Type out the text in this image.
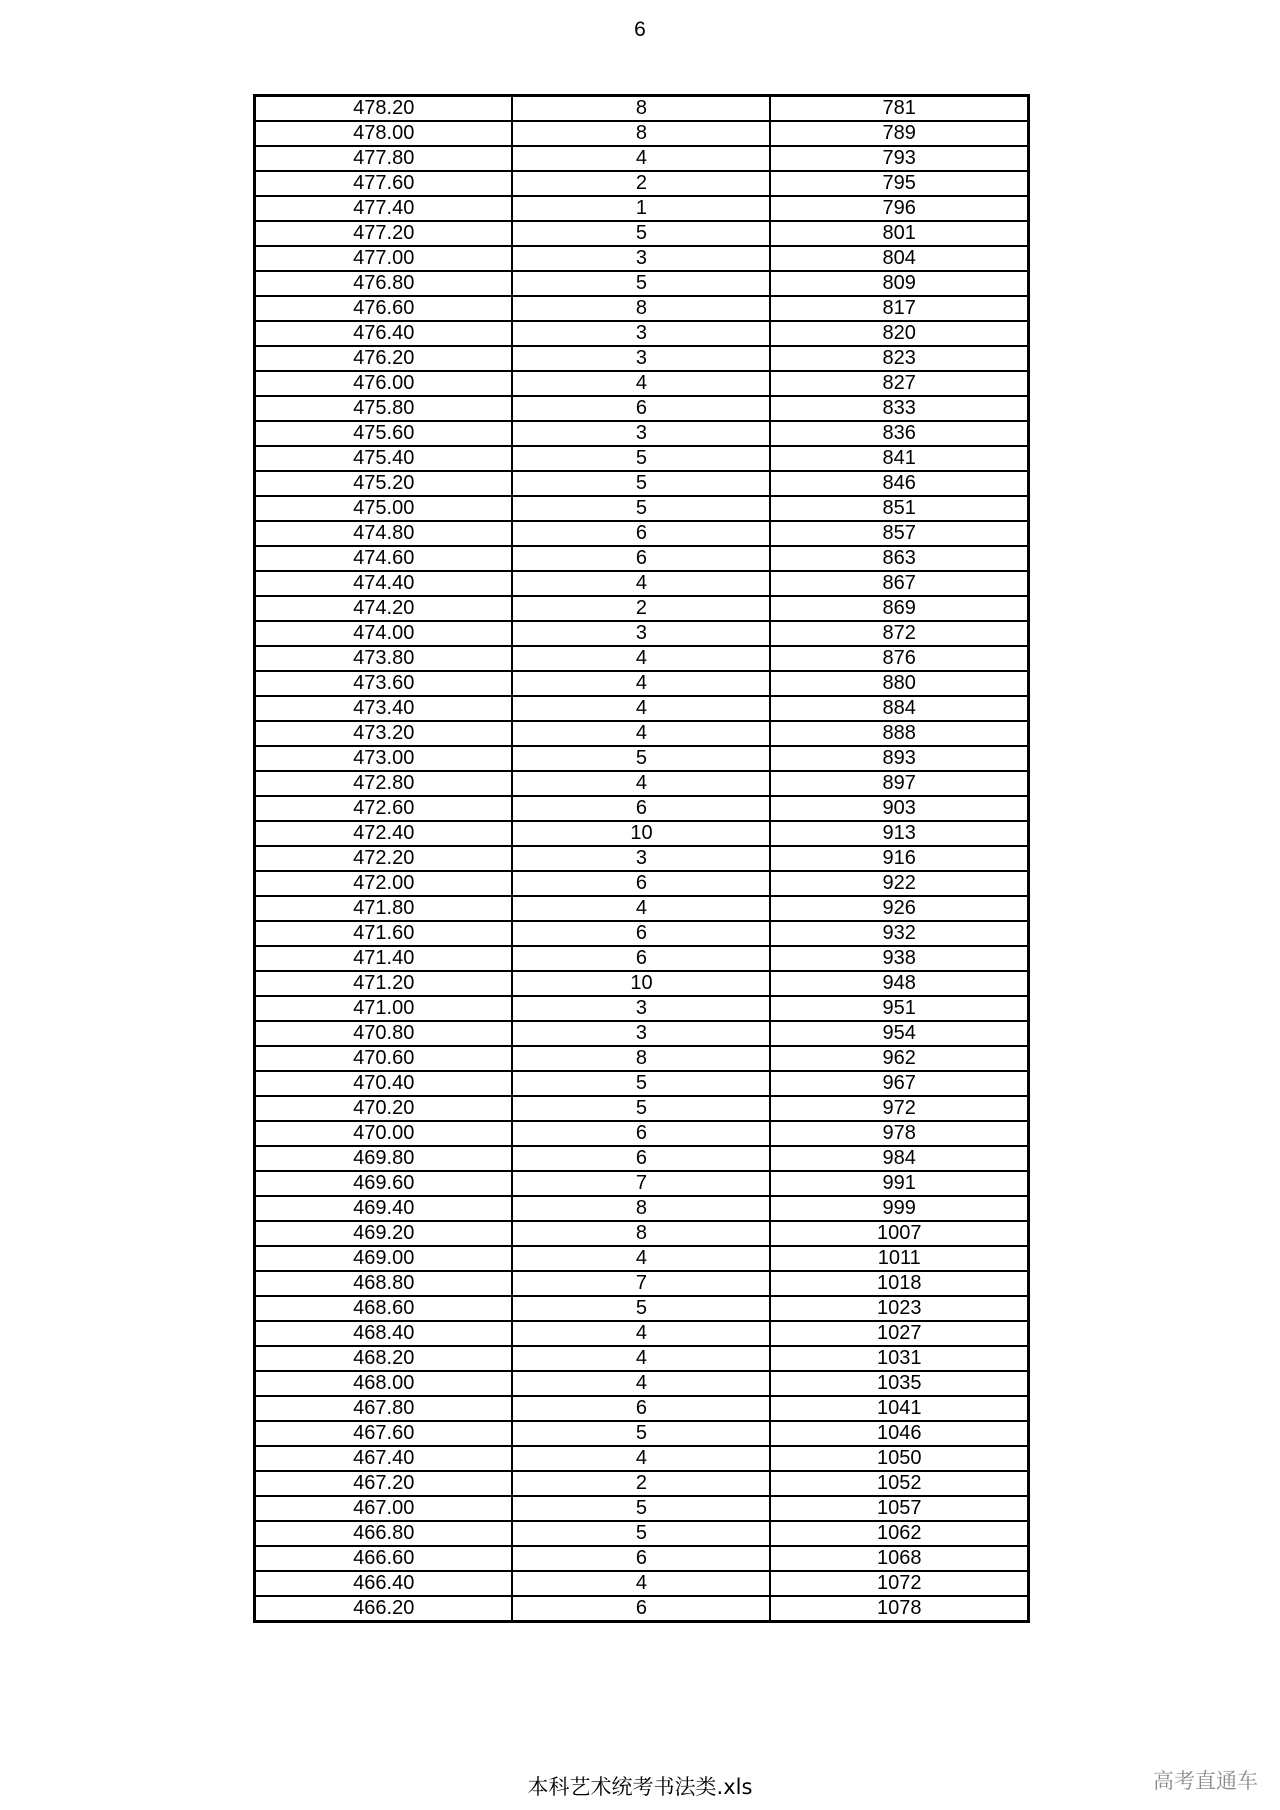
6
478.20	8	781
478.00	8	789
477.80	4	793
477.60	2	795
477.40	1	796
477.20	5	801
477.00	3	804
476.80	5	809
476.60	8	817
476.40	3	820
476.20	3	823
476.00	4	827
475.80	6	833
475.60	3	836
475.40	5	841
475.20	5	846
475.00	5	851
474.80	6	857
474.60	6	863
474.40	4	867
474.20	2	869
474.00	3	872
473.80	4	876
473.60	4	880
473.40	4	884
473.20	4	888
473.00	5	893
472.80	4	897
472.60	6	903
472.40	10	913
472.20	3	916
472.00	6	922
471.80	4	926
471.60	6	932
471.40	6	938
471.20	10	948
471.00	3	951
470.80	3	954
470.60	8	962
470.40	5	967
470.20	5	972
470.00	6	978
469.80	6	984
469.60	7	991
469.40	8	999
469.20	8	1007
469.00	4	1011
468.80	7	1018
468.60	5	1023
468.40	4	1027
468.20	4	1031
468.00	4	1035
467.80	6	1041
467.60	5	1046
467.40	4	1050
467.20	2	1052
467.00	5	1057
466.80	5	1062
466.60	6	1068
466.40	4	1072
466.20	6	1078
本科艺术统考书法类.xls	高考直通车
